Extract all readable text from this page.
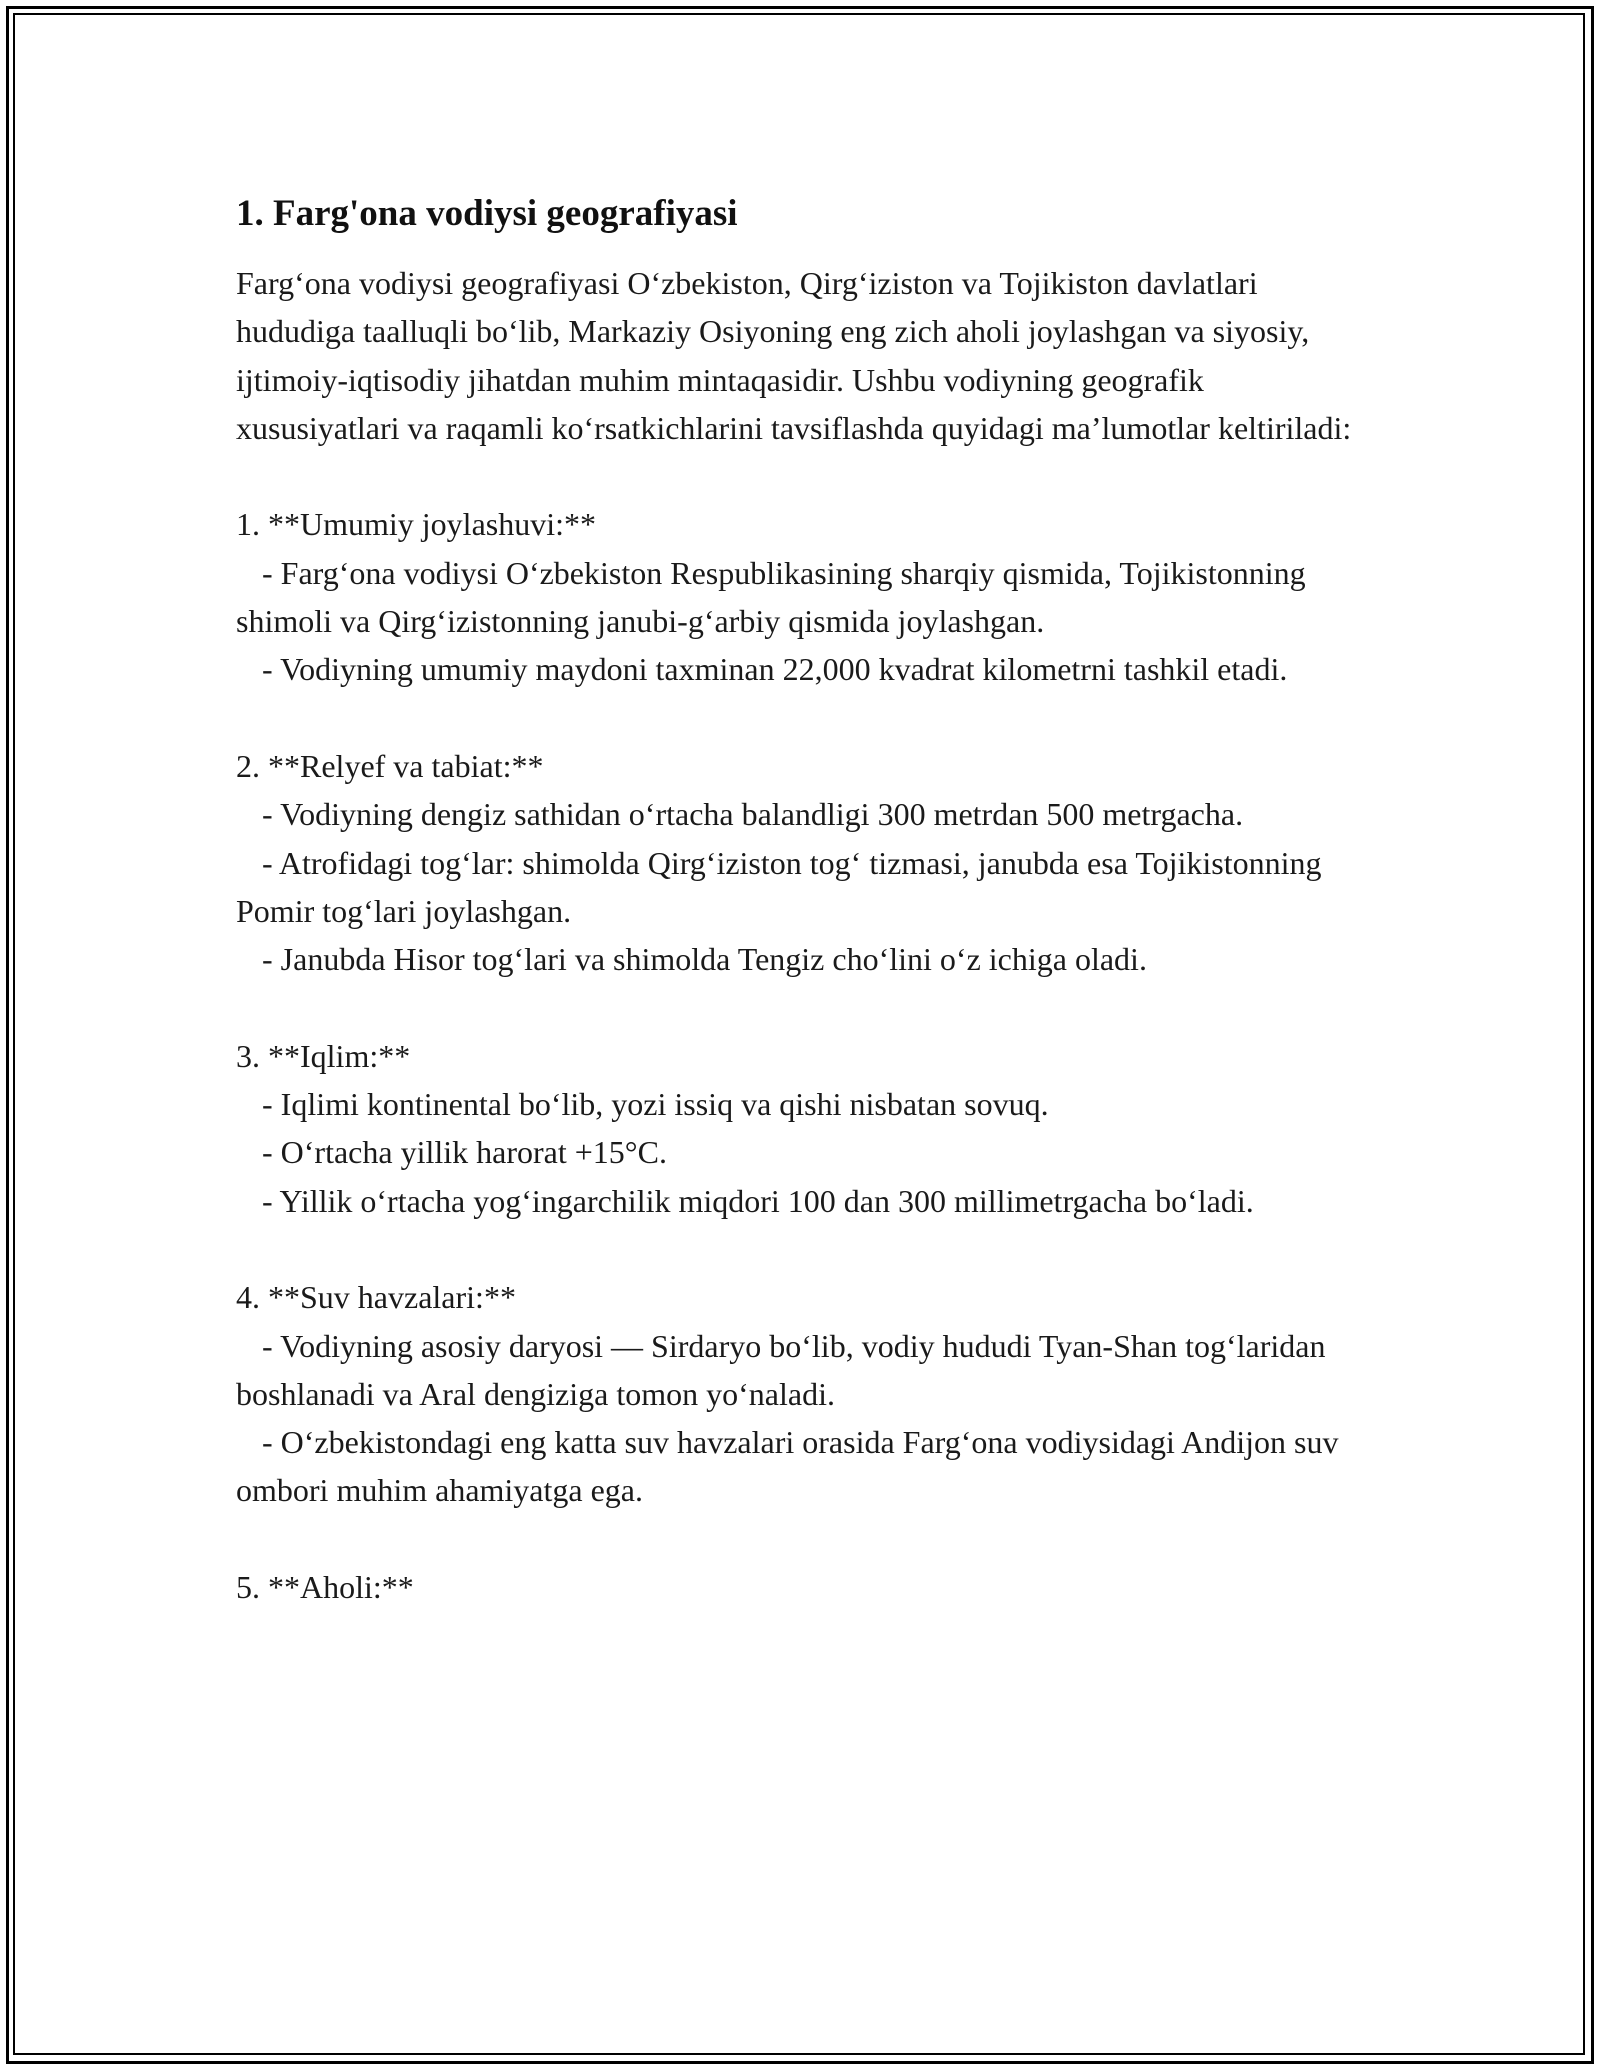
1. Farg'ona vodiysi geografiyasi

Farg‘ona vodiysi geografiyasi O‘zbekiston, Qirg‘iziston va Tojikiston davlatlari hududiga taalluqli bo‘lib, Markaziy Osiyoning eng zich aholi joylashgan va siyosiy, ijtimoiy-iqtisodiy jihatdan muhim mintaqasidir. Ushbu vodiyning geografik xususiyatlari va raqamli ko‘rsatkichlarini tavsiflashda quyidagi ma’lumotlar keltiriladi:

1. **Umumiy joylashuvi:**
- Farg‘ona vodiysi O‘zbekiston Respublikasining sharqiy qismida, Tojikistonning shimoli va Qirg‘izistonning janubi-g‘arbiy qismida joylashgan.
- Vodiyning umumiy maydoni taxminan 22,000 kvadrat kilometrni tashkil etadi.
2. **Relyef va tabiat:**
- Vodiyning dengiz sathidan o‘rtacha balandligi 300 metrdan 500 metrgacha.
- Atrofidagi tog‘lar: shimolda Qirg‘iziston tog‘ tizmasi, janubda esa Tojikistonning Pomir tog‘lari joylashgan.
- Janubda Hisor tog‘lari va shimolda Tengiz cho‘lini o‘z ichiga oladi.
3. **Iqlim:**
- Iqlimi kontinental bo‘lib, yozi issiq va qishi nisbatan sovuq.
- O‘rtacha yillik harorat +15°C.
- Yillik o‘rtacha yog‘ingarchilik miqdori 100 dan 300 millimetrgacha bo‘ladi.
4. **Suv havzalari:**
- Vodiyning asosiy daryosi — Sirdaryo bo‘lib, vodiy hududi Tyan-Shan tog‘laridan boshlanadi va Aral dengiziga tomon yo‘naladi.
- O‘zbekistondagi eng katta suv havzalari orasida Farg‘ona vodiysidagi Andijon suv ombori muhim ahamiyatga ega.
5. **Aholi:**
